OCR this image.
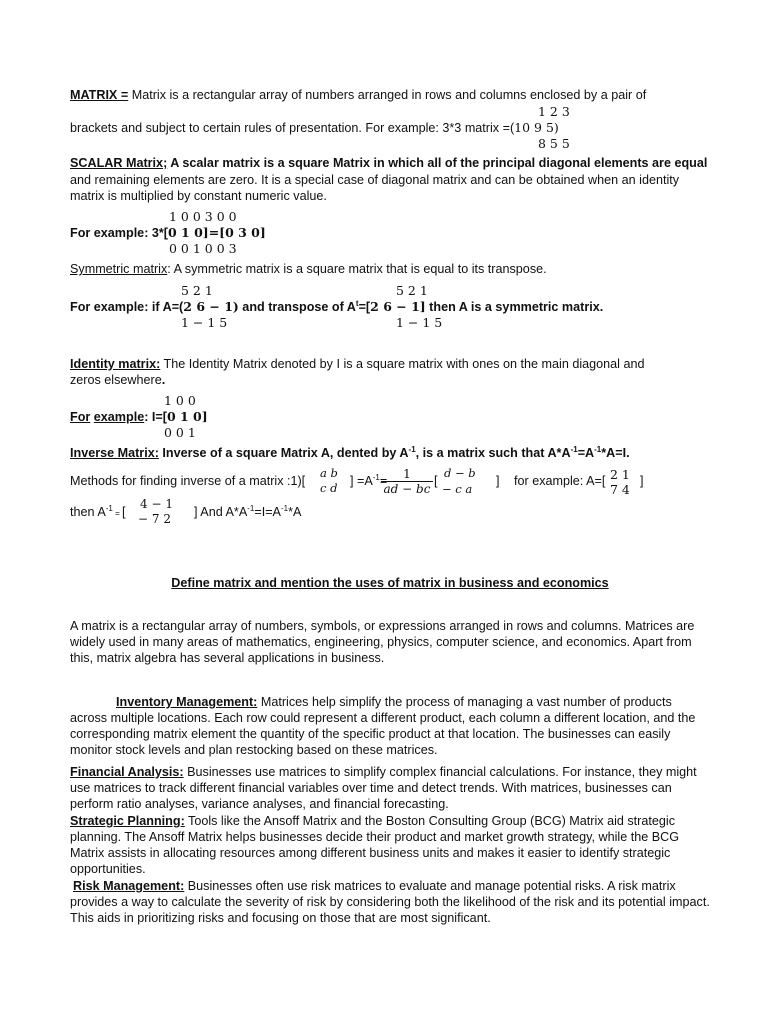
MATRIX = Matrix is a rectangular array of numbers arranged in rows and columns enclosed by a pair of
1 2 3
brackets and subject to certain rules of presentation. For example: 3*3 matrix =(10 9 5)
8 5 5
SCALAR Matrix; A scalar matrix is a square Matrix in which all of the principal diagonal elements are equal
and remaining elements are zero. It is a special case of diagonal matrix and can be obtained when an identity
matrix is multiplied by constant numeric value.
1 0 0 3 0 0
For example: 3*[0 1 0]=[0 3 0]
0 0 1 0 0 3
Symmetric matrix: A symmetric matrix is a square matrix that is equal to its transpose.
5 2 1	5 2 1
For example: if A=(2 6 − 1) and transpose of $A^t=[2$ 6 − 1] then A is a symmetric matrix.
1 − 1 5	1 − 1 5
Identity matrix: The Identity Matrix denoted by I is a square matrix with ones on the main diagonal and
zeros elsewhere.
1 0 0
For example: I=[0 1 0]
0 0 1
Inverse Matrix: Inverse of a square Matrix A, dented by $A^{-1}$, is a matrix such that $A*A^{-1}=A^{-1}*A=I$.
Methods for finding inverse of a matrix :1)[
a b
c d ] $=A^{-1}=$
$\frac{1}{ad - bc}$ [
d − b
− c a
] for example: A=[ 2 1
7 4
]
then $A^{-1}$ = [
4 − 1
− 7 2 ] And $A*A^{-1}=I=A^{-1}*A$
Define matrix and mention the uses of matrix in business and economics
A matrix is a rectangular array of numbers, symbols, or expressions arranged in rows and columns. Matrices are widely used in many areas of mathematics, engineering, physics, computer science, and economics. Apart from this, matrix algebra has several applications in business.
Inventory Management: Matrices help simplify the process of managing a vast number of products across multiple locations. Each row could represent a different product, each column a different location, and the corresponding matrix element the quantity of the specific product at that location. The businesses can easily monitor stock levels and plan restocking based on these matrices.
Financial Analysis: Businesses use matrices to simplify complex financial calculations. For instance, they might use matrices to track different financial variables over time and detect trends. With matrices, businesses can perform ratio analyses, variance analyses, and financial forecasting.
Strategic Planning: Tools like the Ansoff Matrix and the Boston Consulting Group (BCG) Matrix aid strategic planning. The Ansoff Matrix helps businesses decide their product and market growth strategy, while the BCG Matrix assists in allocating resources among different business units and makes it easier to identify strategic opportunities.
Risk Management: Businesses often use risk matrices to evaluate and manage potential risks. A risk matrix provides a way to calculate the severity of risk by considering both the likelihood of the risk and its potential impact. This aids in prioritizing risks and focusing on those that are most significant.
